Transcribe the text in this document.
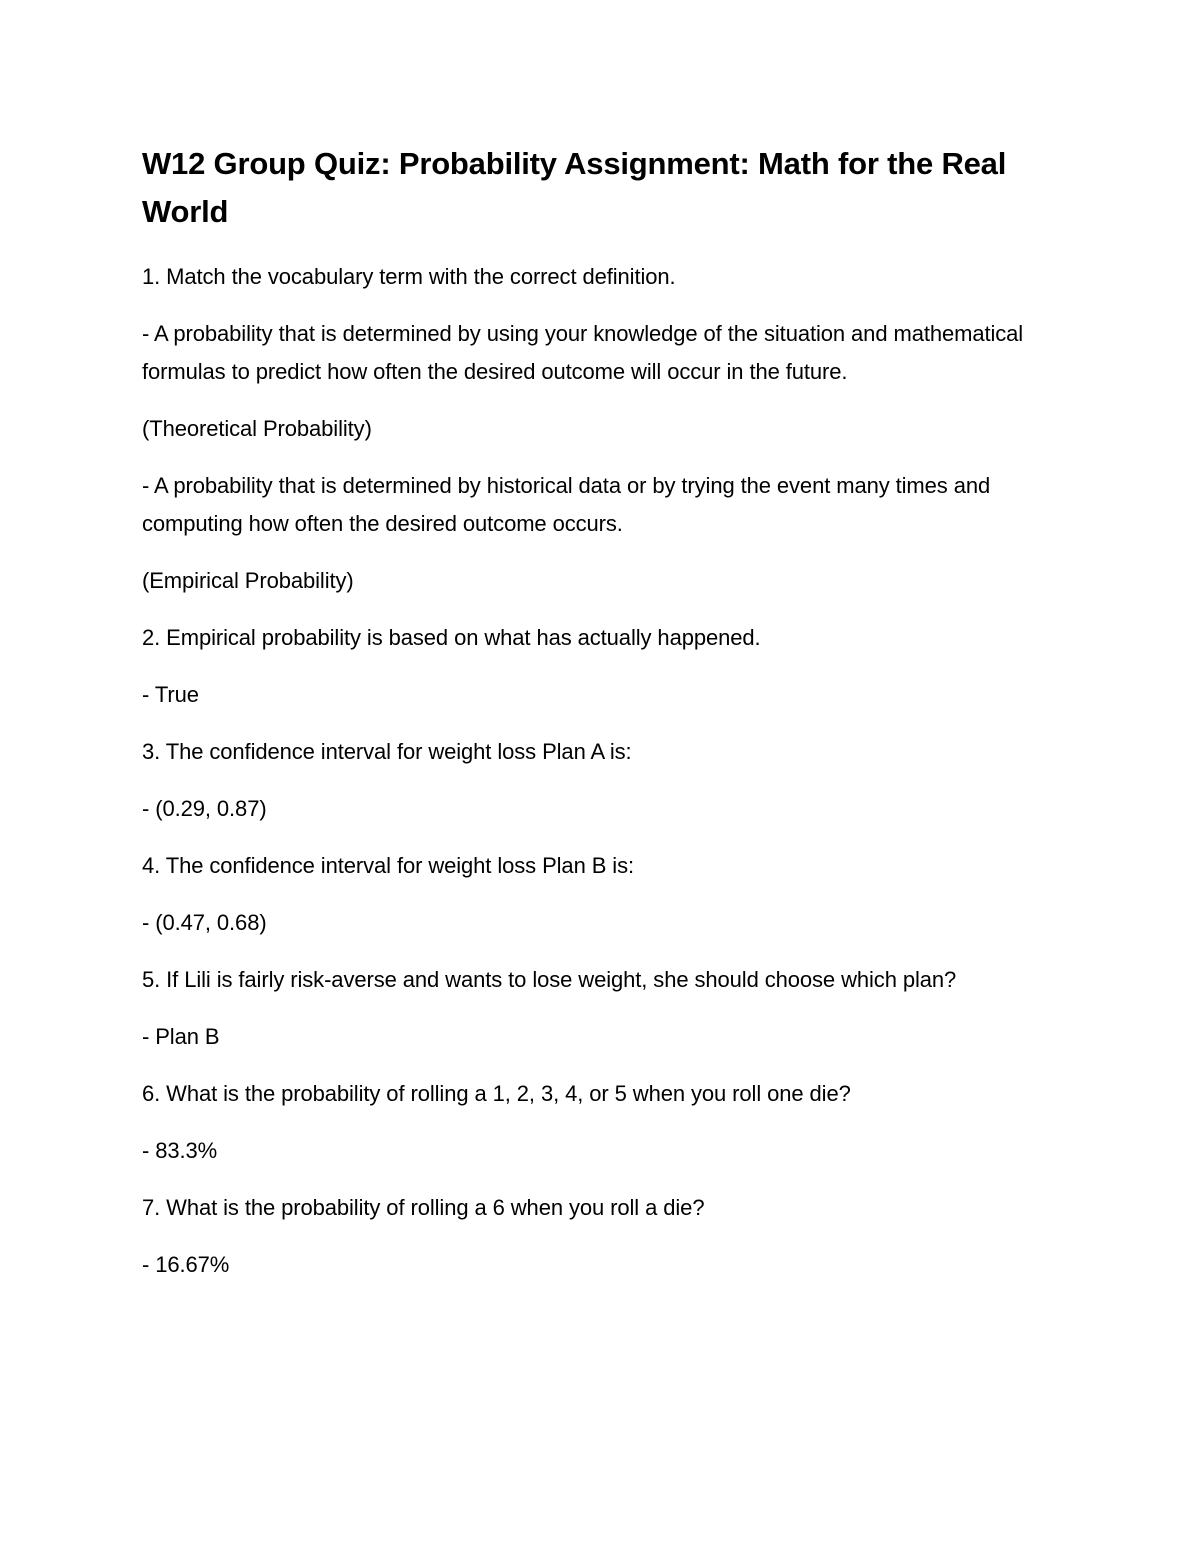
W12 Group Quiz: Probability Assignment: Math for the Real World

1. Match the vocabulary term with the correct definition.

- A probability that is determined by using your knowledge of the situation and mathematical formulas to predict how often the desired outcome will occur in the future.

(Theoretical Probability)

- A probability that is determined by historical data or by trying the event many times and computing how often the desired outcome occurs.

(Empirical Probability)

2. Empirical probability is based on what has actually happened.

- True

3. The confidence interval for weight loss Plan A is:

- (0.29, 0.87)

4. The confidence interval for weight loss Plan B is:

- (0.47, 0.68)

5. If Lili is fairly risk-averse and wants to lose weight, she should choose which plan?

- Plan B

6. What is the probability of rolling a 1, 2, 3, 4, or 5 when you roll one die?

- 83.3%

7. What is the probability of rolling a 6 when you roll a die?

- 16.67%
